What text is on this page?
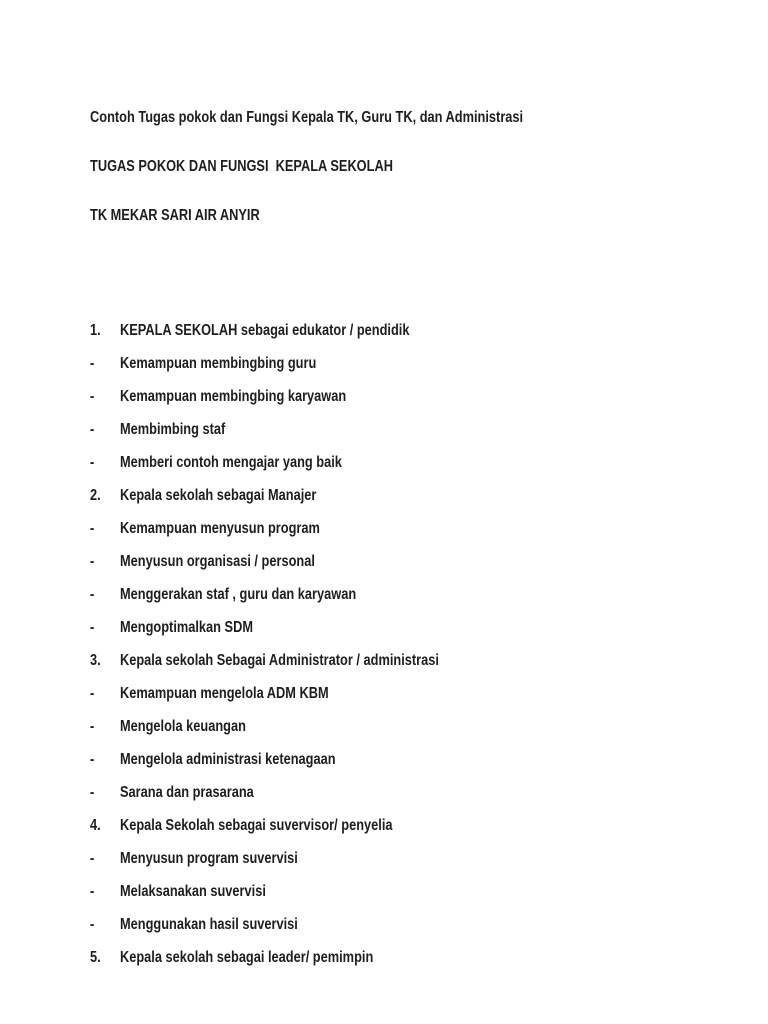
Contoh Tugas pokok dan Fungsi Kepala TK, Guru TK, dan Administrasi

TUGAS POKOK DAN FUNGSI  KEPALA SEKOLAH

TK MEKAR SARI AIR ANYIR

1. KEPALA SEKOLAH sebagai edukator / pendidik
- Kemampuan membingbing guru
- Kemampuan membingbing karyawan
- Membimbing staf
- Memberi contoh mengajar yang baik
2. Kepala sekolah sebagai Manajer
- Kemampuan menyusun program
- Menyusun organisasi / personal
- Menggerakan staf , guru dan karyawan
- Mengoptimalkan SDM
3. Kepala sekolah Sebagai Administrator / administrasi
- Kemampuan mengelola ADM KBM
- Mengelola keuangan
- Mengelola administrasi ketenagaan
- Sarana dan prasarana
4. Kepala Sekolah sebagai suvervisor/ penyelia
- Menyusun program suvervisi
- Melaksanakan suvervisi
- Menggunakan hasil suvervisi
5. Kepala sekolah sebagai leader/ pemimpin
